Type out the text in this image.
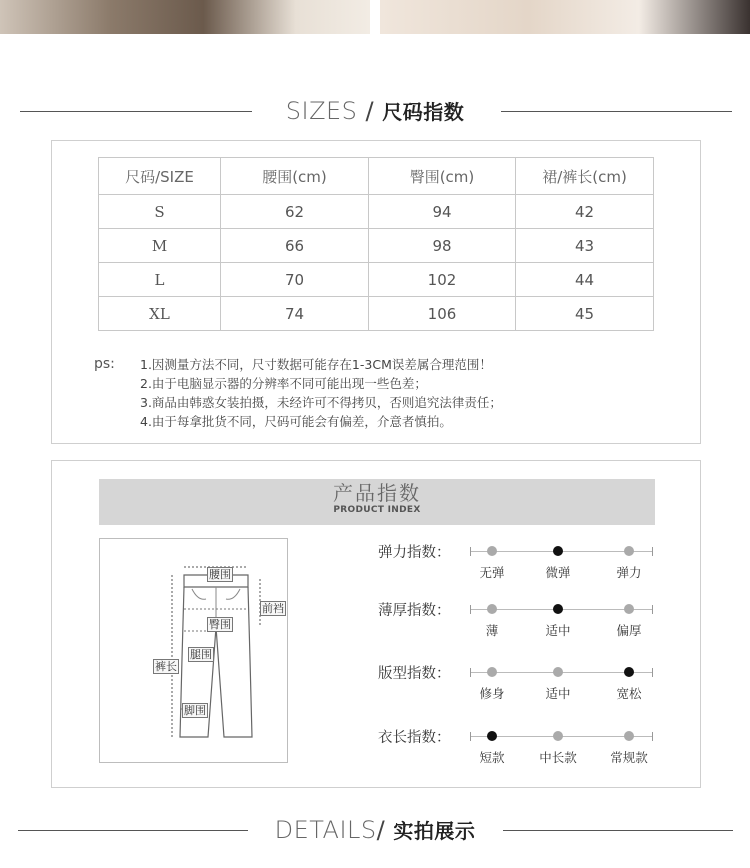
SIZES / 尺码指数
尺码/SIZE	腰围(cm)	臀围(cm)	裙/裤长(cm)
S	62	94	42
M	66	98	43
L	70	102	44
XL	74	106	45
ps: 1.因测量方法不同，尺寸数据可能存在1-3CM误差属合理范围！
2.由于电脑显示器的分辨率不同可能出现一些色差；
3.商品由韩惑女装拍摄，未经许可不得拷贝，否则追究法律责任；
4.由于每拿批货不同，尺码可能会有偏差，介意者慎拍。
产品指数
PRODUCT INDEX
腰围
前裆
臀围
腿围
裤长
脚围
弹力指数：
无弹	微弹	弹力
薄厚指数：
薄	适中	偏厚
版型指数：
修身	适中	宽松
衣长指数：
短款	中长款	常规款
DETAILS/ 实拍展示
